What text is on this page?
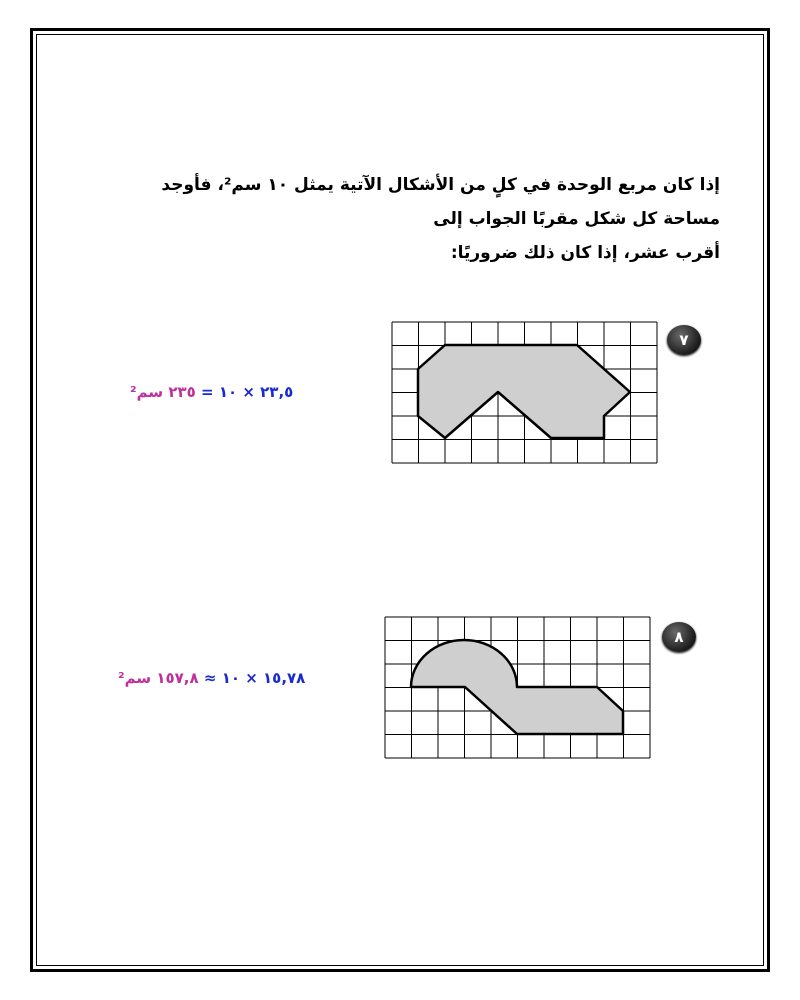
إذا كان مربع الوحدة في كلٍ من الأشكال الآتية يمثل ١٠ سم²، فأوجد مساحة كل شكل مقربًا الجواب إلى
أقرب عشر، إذا كان ذلك ضروريًا:
٧
٢٣,٥ × ١٠ = ٢٣٥ سم²
٨
١٥,٧٨ × ١٠ ≈ ١٥٧,٨ سم²
